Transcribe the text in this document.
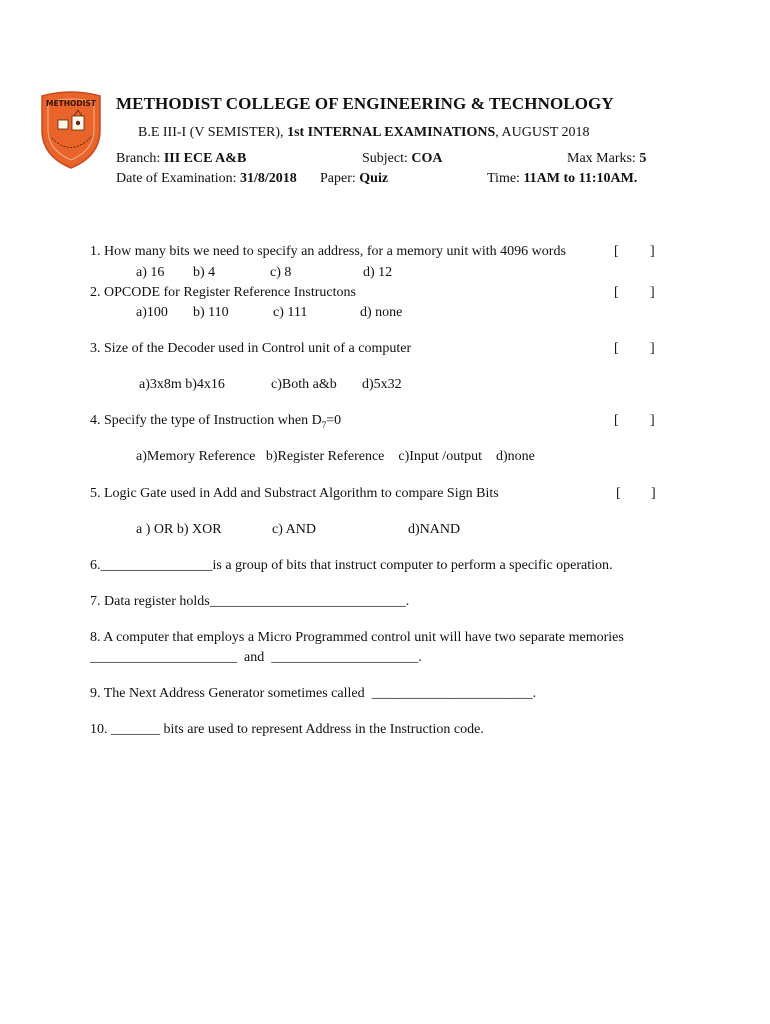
METHODIST METHODIST COLLEGE OF ENGINEERING & TECHNOLOGY
B.E III-I (V SEMISTER), 1st INTERNAL EXAMINATIONS, AUGUST 2018
Branch: III ECE A&B	Subject: COA	Max Marks: 5
Date of Examination: 31/8/2018 Paper: Quiz	Time: 11AM to 11:10AM.
1. How many bits we need to specify an address, for a memory unit with 4096 words	[ ]
a) 16 b) 4	c) 8	d) 12
2. OPCODE for Register Reference Instructons	[ ]
a)100 b) 110	c) 111	d) none
3. Size of the Decoder used in Control unit of a computer	[ ]
a)3x8m b)4x16	c)Both a&b d)5x32
4. Specify the type of Instruction when $D_7=0$	[ ]
a)Memory Reference   b)Register Reference    c)Input /output    d)none
5. Logic Gate used in Add and Substract Algorithm to compare Sign Bits	[ ]
a ) OR b) XOR	c) AND	d)NAND
6.________________is a group of bits that instruct computer to perform a specific operation.
7. Data register holds____________________________.
8. A computer that employs a Micro Programmed control unit will have two separate memories
_____________________  and  _____________________.
9. The Next Address Generator sometimes called  _______________________.
10. _______ bits are used to represent Address in the Instruction code.
